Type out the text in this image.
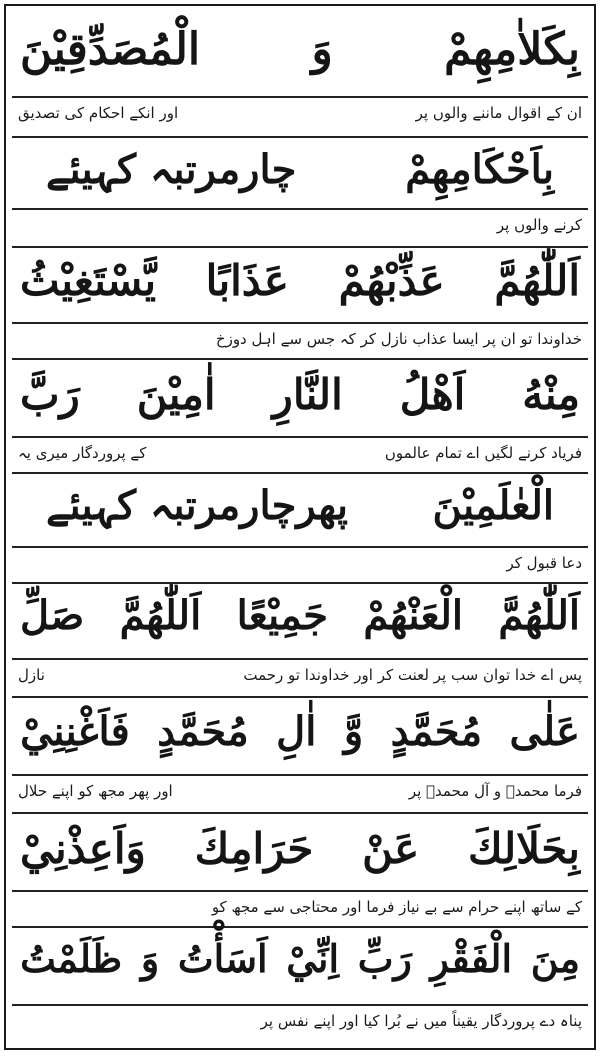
بِكَلاٰمِهِمْ
وَ
الْمُصَدِّقِيْنَ
ان کے اقوال ماننے والوں پر
اور انکے احکام کی تصدیق
بِاَحْكَامِهِمْ
چارمرتبہ کہیئے
کرنے والوں پر
اَللّٰهُمَّ
عَذِّبْهُمْ
عَذَابًا
يَّسْتَغِيْثُ
خداوندا تو ان پر ایسا عذاب نازل کر کہ جس سے اہل دوزخ
مِنْهُ
اَهْلُ
النَّارِ
اٰمِيْنَ
رَبَّ
فریاد کرنے لگیں اے تمام عالموں
کے پروردگار میری یہ
الْعٰلَمِيْنَ
پھرچارمرتبہ کہیئے
دعا قبول کر
اَللّٰهُمَّ
الْعَنْهُمْ
جَمِيْعًا
اَللّٰهُمَّ
صَلِّ
پس اے خدا توان سب پر لعنت کر اور خداوندا تو رحمت
نازل
عَلٰى
مُحَمَّدٍ
وَّ
اٰلِ
مُحَمَّدٍ
فَاَغْنِنِيْ
فرما محمدؐ و آل محمدؐ پر
اور پھر مجھ کو اپنے حلال
بِحَلَالِكَ
عَنْ
حَرَامِكَ
وَاَعِذْنِيْ
کے ساتھ اپنے حرام سے بے نیاز فرما اور محتاجی سے مجھ کو
مِنَ
الْفَقْرِ
رَبِّ
اِنِّيْ
اَسَأْتُ
وَ
ظَلَمْتُ
پناہ دے پروردگار یقیناً میں نے بُرا کیا اور اپنے نفس پر
